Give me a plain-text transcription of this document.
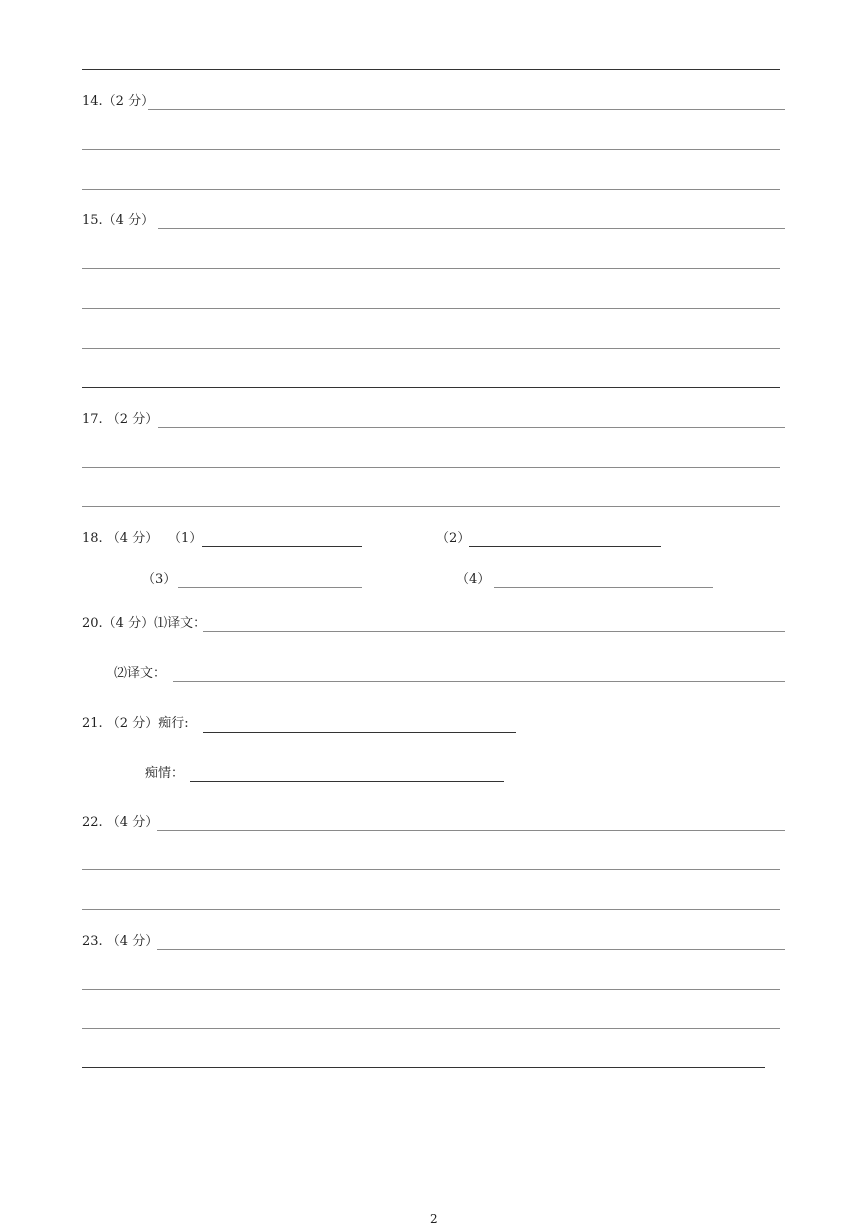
14.（2 分）
15.（4 分）
17. （2 分）
18. （4 分） （1）	（2）
（3）	（4）
20.（4 分）⑴译文：
⑵译文：
21. （2 分）痴行:
痴情：
22. （4 分）
23. （4 分）
2
